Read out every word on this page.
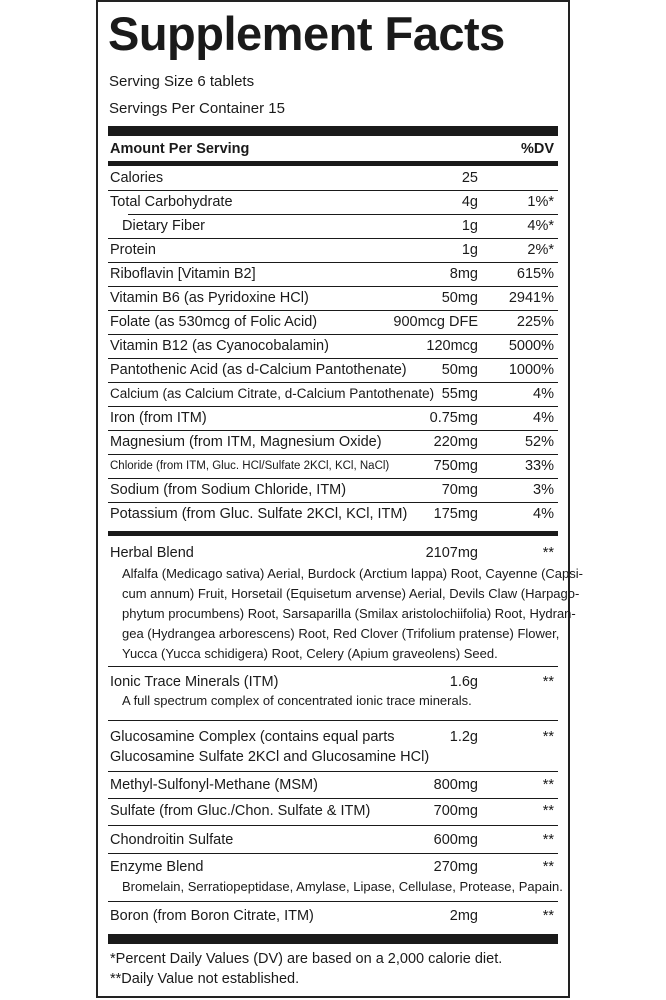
Supplement Facts
Serving Size 6 tablets
Servings Per Container 15
Amount Per Serving	%DV
Calories	25
Total Carbohydrate	4g	1%*
Dietary Fiber	1g	4%*
Protein	1g	2%*
Riboflavin [Vitamin B2]	8mg	615%
Vitamin B6 (as Pyridoxine HCl)	50mg 2941%
Folate (as 530mcg of Folic Acid)	900mcg DFE	225%
Vitamin B12 (as Cyanocobalamin)	120mcg 5000%
Pantothenic Acid (as d-Calcium Pantothenate) 50mg 1000%
Calcium (as Calcium Citrate, d-Calcium Pantothenate) 55mg	4%
Iron (from ITM)	0.75mg	4%
Magnesium (from ITM, Magnesium Oxide)	220mg	52%
Chloride (from ITM, Gluc. HCl/Sulfate 2KCl, KCl, NaCl)	750mg	33%
Sodium (from Sodium Chloride, ITM)	70mg	3%
Potassium (from Gluc. Sulfate 2KCl, KCl, ITM) 175mg	4%
Herbal Blend	2107mg	**
Alfalfa (Medicago sativa) Aerial, Burdock (Arctium lappa) Root, Cayenne (Capsi-
cum annum) Fruit, Horsetail (Equisetum arvense) Aerial, Devils Claw (Harpago-
phytum procumbens) Root, Sarsaparilla (Smilax aristolochiifolia) Root, Hydran-
gea (Hydrangea arborescens) Root, Red Clover (Trifolium pratense) Flower,
Yucca (Yucca schidigera) Root, Celery (Apium graveolens) Seed.
Ionic Trace Minerals (ITM)	1.6g	**
A full spectrum complex of concentrated ionic trace minerals.
Glucosamine Complex (contains equal parts	1.2g	**
Glucosamine Sulfate 2KCl and Glucosamine HCl)
Methyl-Sulfonyl-Methane (MSM)	800mg	**
Sulfate (from Gluc./Chon. Sulfate & ITM)	700mg	**
Chondroitin Sulfate	600mg	**
Enzyme Blend	270mg	**
Bromelain, Serratiopeptidase, Amylase, Lipase, Cellulase, Protease, Papain.
Boron (from Boron Citrate, ITM)	2mg	**
*Percent Daily Values (DV) are based on a 2,000 calorie diet.
**Daily Value not established.
